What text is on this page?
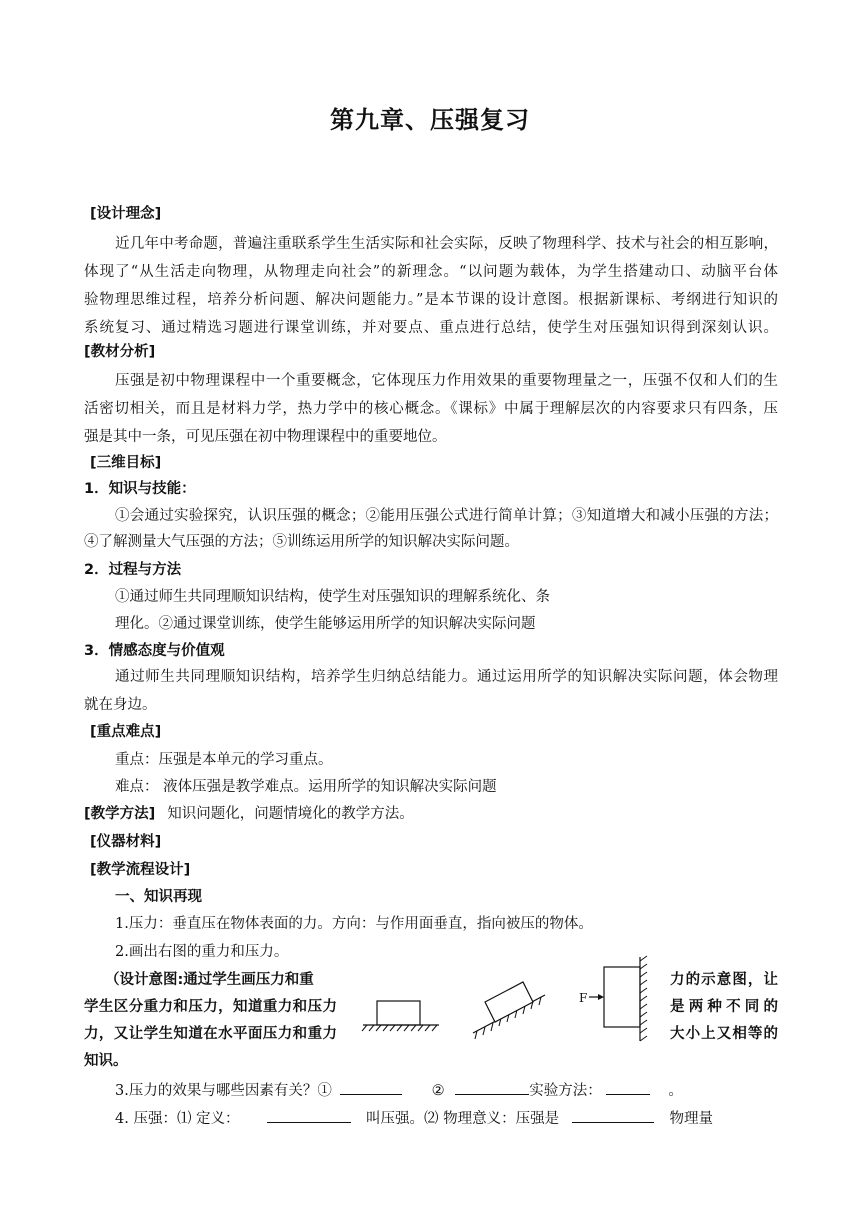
第九章、压强复习
[设计理念]
近几年中考命题，普遍注重联系学生生活实际和社会实际，反映了物理科学、技术与社会的相互影响，
体现了“从生活走向物理，从物理走向社会”的新理念。“以问题为载体，为学生搭建动口、动脑平台体
验物理思维过程，培养分析问题、解决问题能力。”是本节课的设计意图。根据新课标、考纲进行知识的
系统复习、通过精选习题进行课堂训练，并对要点、重点进行总结，使学生对压强知识得到深刻认识。
[教材分析]
压强是初中物理课程中一个重要概念，它体现压力作用效果的重要物理量之一，压强不仅和人们的生
活密切相关，而且是材料力学，热力学中的核心概念。《课标》中属于理解层次的内容要求只有四条，压
强是其中一条，可见压强在初中物理课程中的重要地位。
[三维目标]
1．知识与技能：
①会通过实验探究，认识压强的概念；②能用压强公式进行简单计算；③知道增大和减小压强的方法；
④了解测量大气压强的方法；⑤训练运用所学的知识解决实际问题。
2．过程与方法
①通过师生共同理顺知识结构，使学生对压强知识的理解系统化、条
理化。②通过课堂训练，使学生能够运用所学的知识解决实际问题
3．情感态度与价值观
通过师生共同理顺知识结构，培养学生归纳总结能力。通过运用所学的知识解决实际问题，体会物理
就在身边。
[重点难点]
重点：压强是本单元的学习重点。
难点： 液体压强是教学难点。运用所学的知识解决实际问题
[教学方法] 知识问题化，问题情境化的教学方法。
[仪器材料]
[教学流程设计]
一、知识再现
1.压力：垂直压在物体表面的力。方向：与作用面垂直，指向被压的物体。
2.画出右图的重力和压力。
（设计意图:通过学生画压力和重
学生区分重力和压力，知道重力和压力
力，又让学生知道在水平面压力和重力
知识。
力的示意图，让
是两种不同的
大小上又相等的
F
3.压力的效果与哪些因素有关？①	②	实验方法：	。
4. 压强：⑴ 定义：	叫压强。⑵ 物理意义：压强是	物理量
